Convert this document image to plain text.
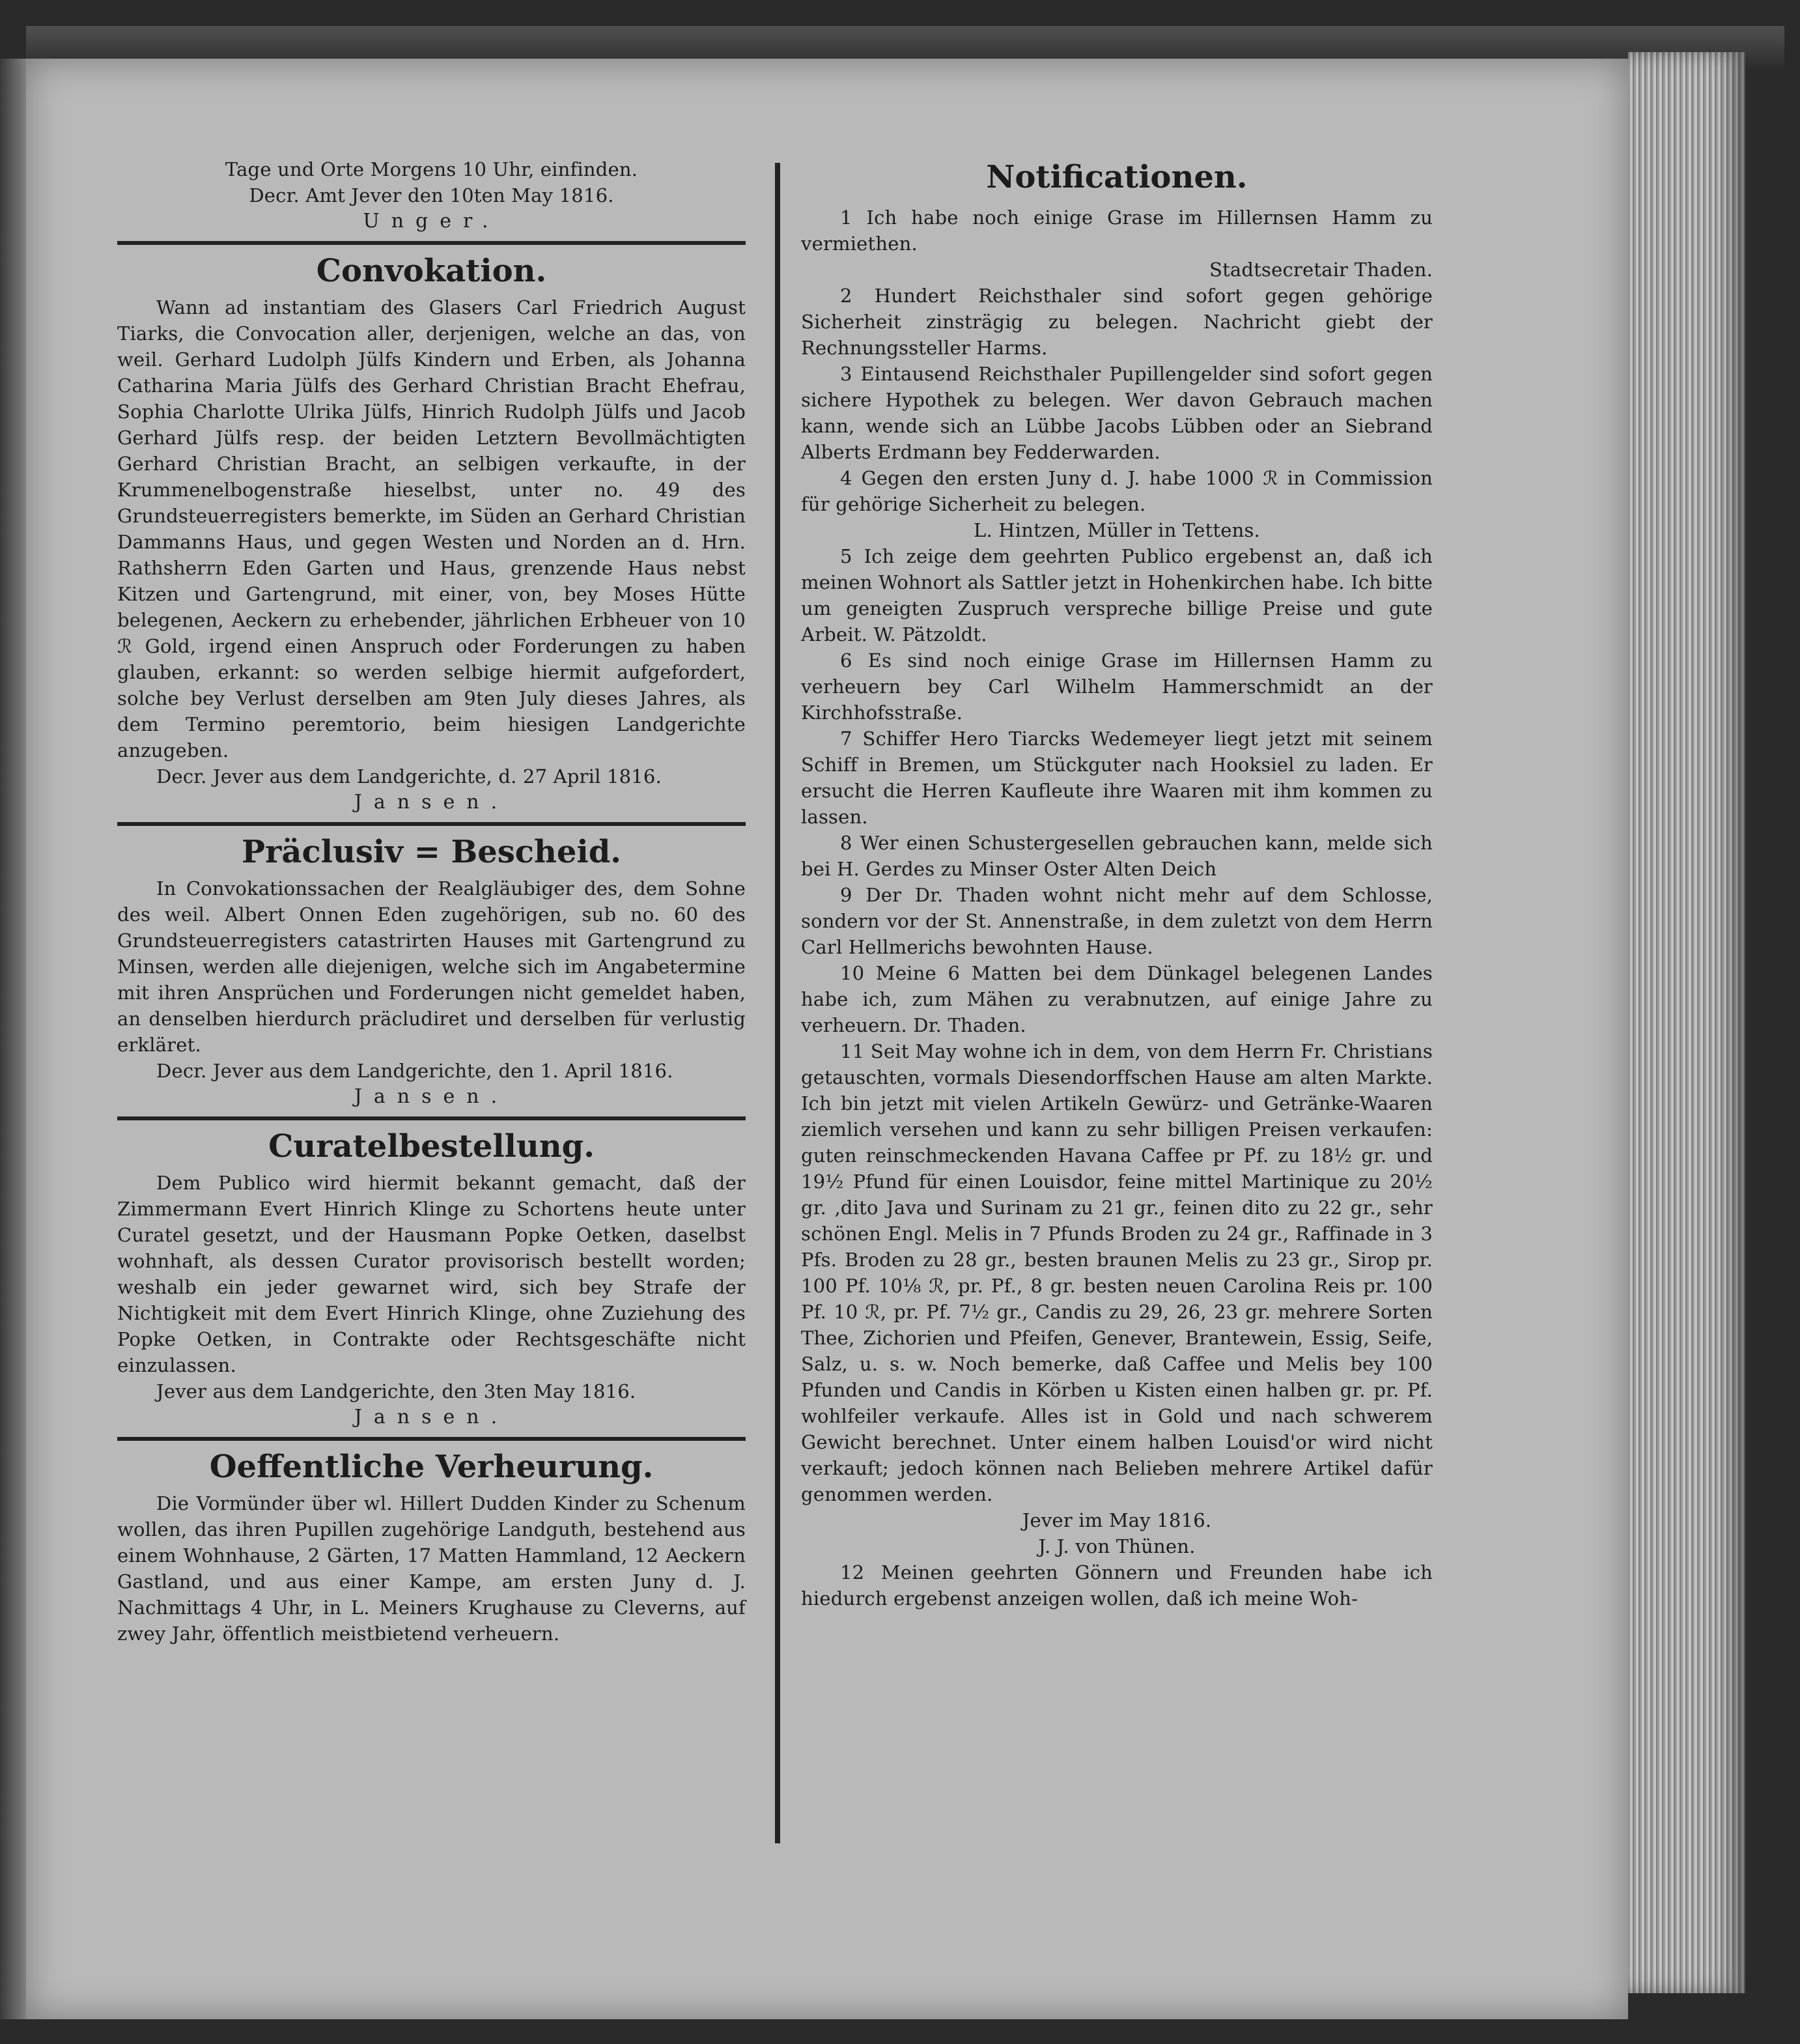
Tage und Orte Morgens 10 Uhr, einfinden.

Decr. Amt Jever den 10ten May 1816.

Unger.

Convokation.

Wann ad instantiam des Glasers Carl Friedrich August Tiarks, die Convocation aller, derjenigen, welche an das, von weil. Gerhard Ludolph Jülfs Kindern und Erben, als Johanna Catharina Maria Jülfs des Gerhard Christian Bracht Ehefrau, Sophia Charlotte Ulrika Jülfs, Hinrich Rudolph Jülfs und Jacob Gerhard Jülfs resp. der beiden Letztern Bevollmächtigten Gerhard Christian Bracht, an selbigen verkaufte, in der Krummenelbogenstraße hieselbst, unter no. 49 des Grundsteuerregisters bemerkte, im Süden an Gerhard Christian Dammanns Haus, und gegen Westen und Norden an d. Hrn. Rathsherrn Eden Garten und Haus, grenzende Haus nebst Kitzen und Gartengrund, mit einer, von, bey Moses Hütte belegenen, Aeckern zu erhebender, jährlichen Erbheuer von 10 ℛ Gold, irgend einen Anspruch oder Forderungen zu haben glauben, erkannt: so werden selbige hiermit aufgefordert, solche bey Verlust derselben am 9ten July dieses Jahres, als dem Termino peremtorio, beim hiesigen Landgerichte anzugeben.

Decr. Jever aus dem Landgerichte, d. 27 April 1816.

Jansen.

Präclusiv = Bescheid.

In Convokationssachen der Realgläubiger des, dem Sohne des weil. Albert Onnen Eden zugehörigen, sub no. 60 des Grundsteuerregisters catastrirten Hauses mit Gartengrund zu Minsen, werden alle diejenigen, welche sich im Angabetermine mit ihren Ansprüchen und Forderungen nicht gemeldet haben, an denselben hierdurch präcludiret und derselben für verlustig erkläret.

Decr. Jever aus dem Landgerichte, den 1. April 1816.

Jansen.

Curatelbestellung.

Dem Publico wird hiermit bekannt gemacht, daß der Zimmermann Evert Hinrich Klinge zu Schortens heute unter Curatel gesetzt, und der Hausmann Popke Oetken, daselbst wohnhaft, als dessen Curator provisorisch bestellt worden; weshalb ein jeder gewarnet wird, sich bey Strafe der Nichtigkeit mit dem Evert Hinrich Klinge, ohne Zuziehung des Popke Oetken, in Contrakte oder Rechtsgeschäfte nicht einzulassen.

Jever aus dem Landgerichte, den 3ten May 1816.

Jansen.

Oeffentliche Verheurung.

Die Vormünder über wl. Hillert Dudden Kinder zu Schenum wollen, das ihren Pupillen zugehörige Landguth, bestehend aus einem Wohnhause, 2 Gärten, 17 Matten Hammland, 12 Aeckern Gastland, und aus einer Kampe, am ersten Juny d. J. Nachmittags 4 Uhr, in L. Meiners Krughause zu Cleverns, auf zwey Jahr, öffentlich meistbietend verheuern.

Notificationen.

1 Ich habe noch einige Grase im Hillernsen Hamm zu vermiethen.

Stadtsecretair Thaden.

2 Hundert Reichsthaler sind sofort gegen gehörige Sicherheit zinsträgig zu belegen. Nachricht giebt der Rechnungssteller Harms.

3 Eintausend Reichsthaler Pupillengelder sind sofort gegen sichere Hypothek zu belegen. Wer davon Gebrauch machen kann, wende sich an Lübbe Jacobs Lübben oder an Siebrand Alberts Erdmann bey Fedderwarden.

4 Gegen den ersten Juny d. J. habe 1000 ℛ in Commission für gehörige Sicherheit zu belegen.

L. Hintzen, Müller in Tettens.

5 Ich zeige dem geehrten Publico ergebenst an, daß ich meinen Wohnort als Sattler jetzt in Hohenkirchen habe. Ich bitte um geneigten Zuspruch verspreche billige Preise und gute Arbeit. W. Pätzoldt.

6 Es sind noch einige Grase im Hillernsen Hamm zu verheuern bey Carl Wilhelm Hammerschmidt an der Kirchhofsstraße.

7 Schiffer Hero Tiarcks Wedemeyer liegt jetzt mit seinem Schiff in Bremen, um Stückguter nach Hooksiel zu laden. Er ersucht die Herren Kaufleute ihre Waaren mit ihm kommen zu lassen.

8 Wer einen Schustergesellen gebrauchen kann, melde sich bei H. Gerdes zu Minser Oster Alten Deich

9 Der Dr. Thaden wohnt nicht mehr auf dem Schlosse, sondern vor der St. Annenstraße, in dem zuletzt von dem Herrn Carl Hellmerichs bewohnten Hause.

10 Meine 6 Matten bei dem Dünkagel belegenen Landes habe ich, zum Mähen zu verabnutzen, auf einige Jahre zu verheuern. Dr. Thaden.

11 Seit May wohne ich in dem, von dem Herrn Fr. Christians getauschten, vormals Diesendorffschen Hause am alten Markte. Ich bin jetzt mit vielen Artikeln Gewürz- und Getränke-Waaren ziemlich versehen und kann zu sehr billigen Preisen verkaufen: guten reinschmeckenden Havana Caffee pr Pf. zu 18½ gr. und 19½ Pfund für einen Louisdor, feine mittel Martinique zu 20½ gr. ,dito Java und Surinam zu 21 gr., feinen dito zu 22 gr., sehr schönen Engl. Melis in 7 Pfunds Broden zu 24 gr., Raffinade in 3 Pfs. Broden zu 28 gr., besten braunen Melis zu 23 gr., Sirop pr. 100 Pf. 10⅛ ℛ, pr. Pf., 8 gr. besten neuen Carolina Reis pr. 100 Pf. 10 ℛ, pr. Pf. 7½ gr., Candis zu 29, 26, 23 gr. mehrere Sorten Thee, Zichorien und Pfeifen, Genever, Brantewein, Essig, Seife, Salz, u. s. w. Noch bemerke, daß Caffee und Melis bey 100 Pfunden und Candis in Körben u Kisten einen halben gr. pr. Pf. wohlfeiler verkaufe. Alles ist in Gold und nach schwerem Gewicht berechnet. Unter einem halben Louisd'or wird nicht verkauft; jedoch können nach Belieben mehrere Artikel dafür genommen werden.

Jever im May 1816.

J. J. von Thünen.

12 Meinen geehrten Gönnern und Freunden habe ich hiedurch ergebenst anzeigen wollen, daß ich meine Woh-
